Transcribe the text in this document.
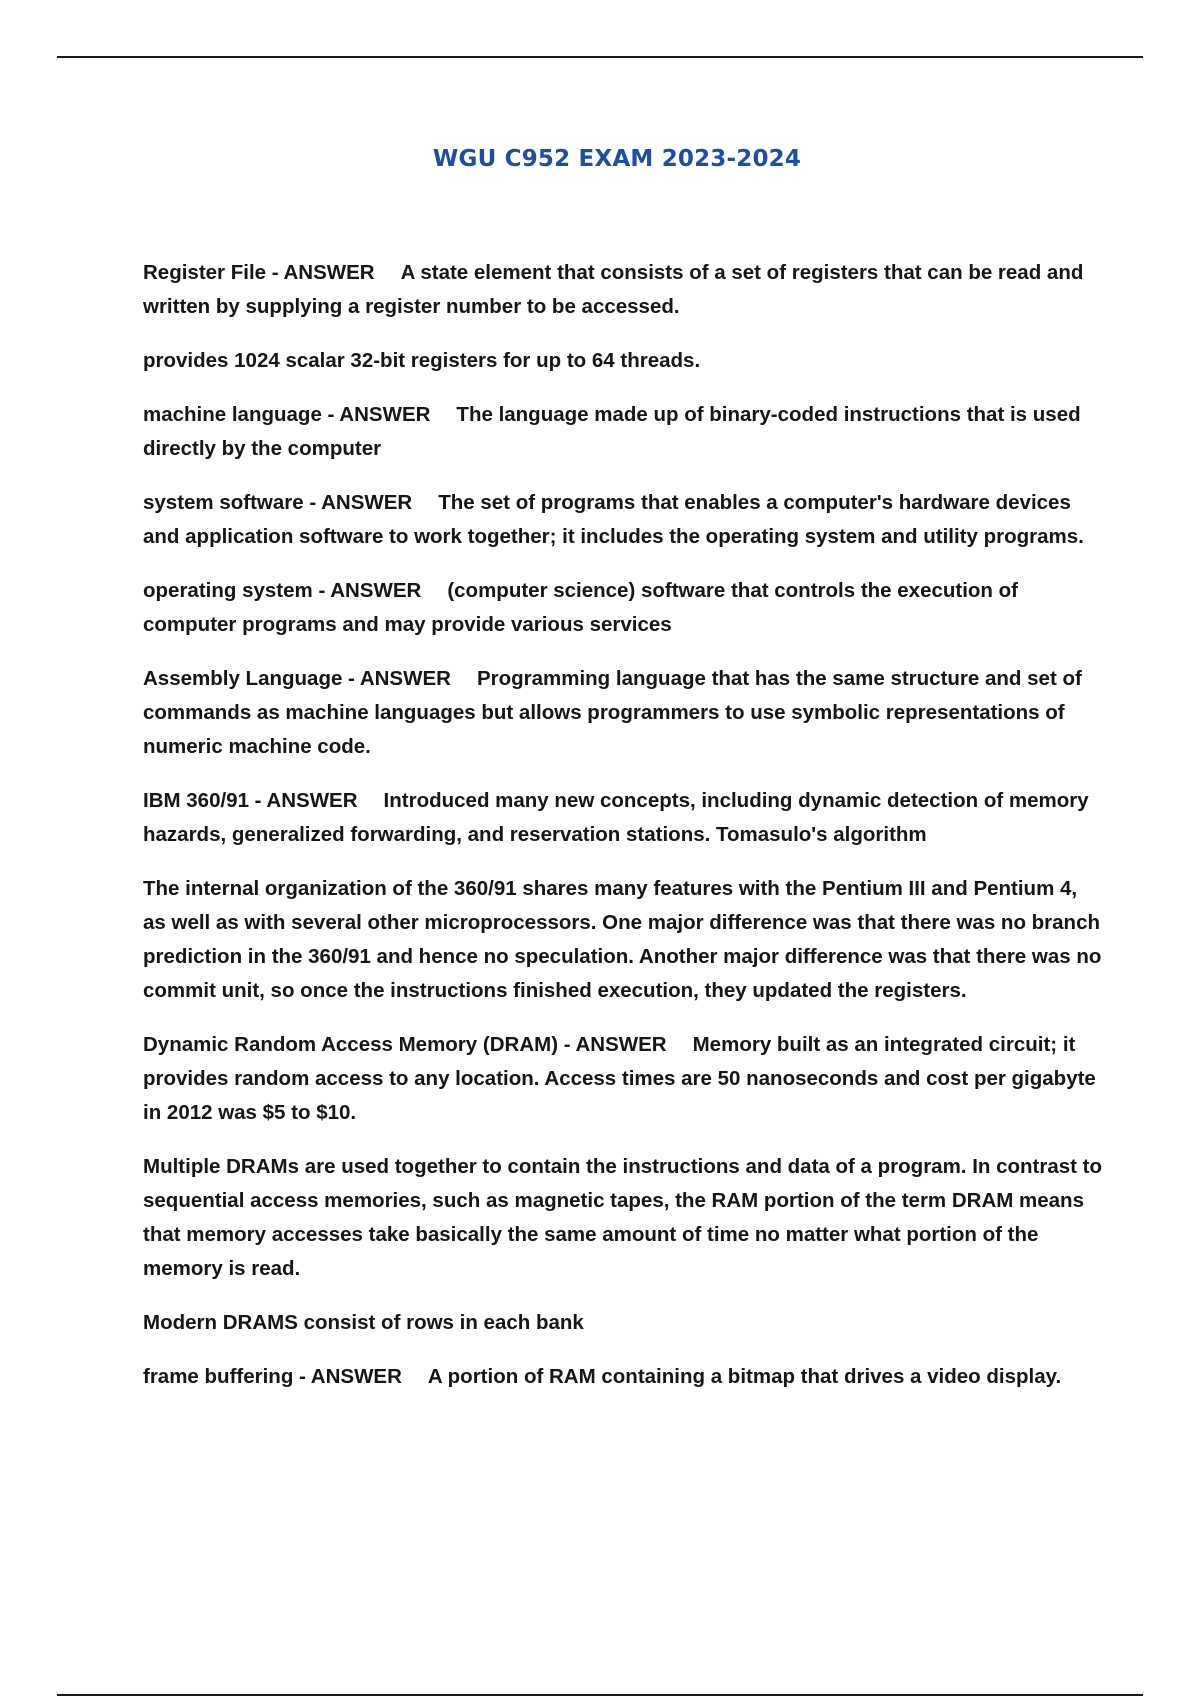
WGU C952 EXAM 2023-2024

Register File - ANSWER A state element that consists of a set of registers that can be read and written by supplying a register number to be accessed.

provides 1024 scalar 32-bit registers for up to 64 threads.

machine language - ANSWER The language made up of binary-coded instructions that is used directly by the computer

system software - ANSWER The set of programs that enables a computer's hardware devices and application software to work together; it includes the operating system and utility programs.

operating system - ANSWER (computer science) software that controls the execution of computer programs and may provide various services

Assembly Language - ANSWER Programming language that has the same structure and set of commands as machine languages but allows programmers to use symbolic representations of numeric machine code.

IBM 360/91 - ANSWER Introduced many new concepts, including dynamic detection of memory hazards, generalized forwarding, and reservation stations. Tomasulo's algorithm

The internal organization of the 360/91 shares many features with the Pentium III and Pentium 4, as well as with several other microprocessors. One major difference was that there was no branch prediction in the 360/91 and hence no speculation. Another major difference was that there was no commit unit, so once the instructions finished execution, they updated the registers.

Dynamic Random Access Memory (DRAM) - ANSWER Memory built as an integrated circuit; it provides random access to any location. Access times are 50 nanoseconds and cost per gigabyte in 2012 was $5 to $10.

Multiple DRAMs are used together to contain the instructions and data of a program. In contrast to sequential access memories, such as magnetic tapes, the RAM portion of the term DRAM means that memory accesses take basically the same amount of time no matter what portion of the memory is read.

Modern DRAMS consist of rows in each bank

frame buffering - ANSWER A portion of RAM containing a bitmap that drives a video display.
